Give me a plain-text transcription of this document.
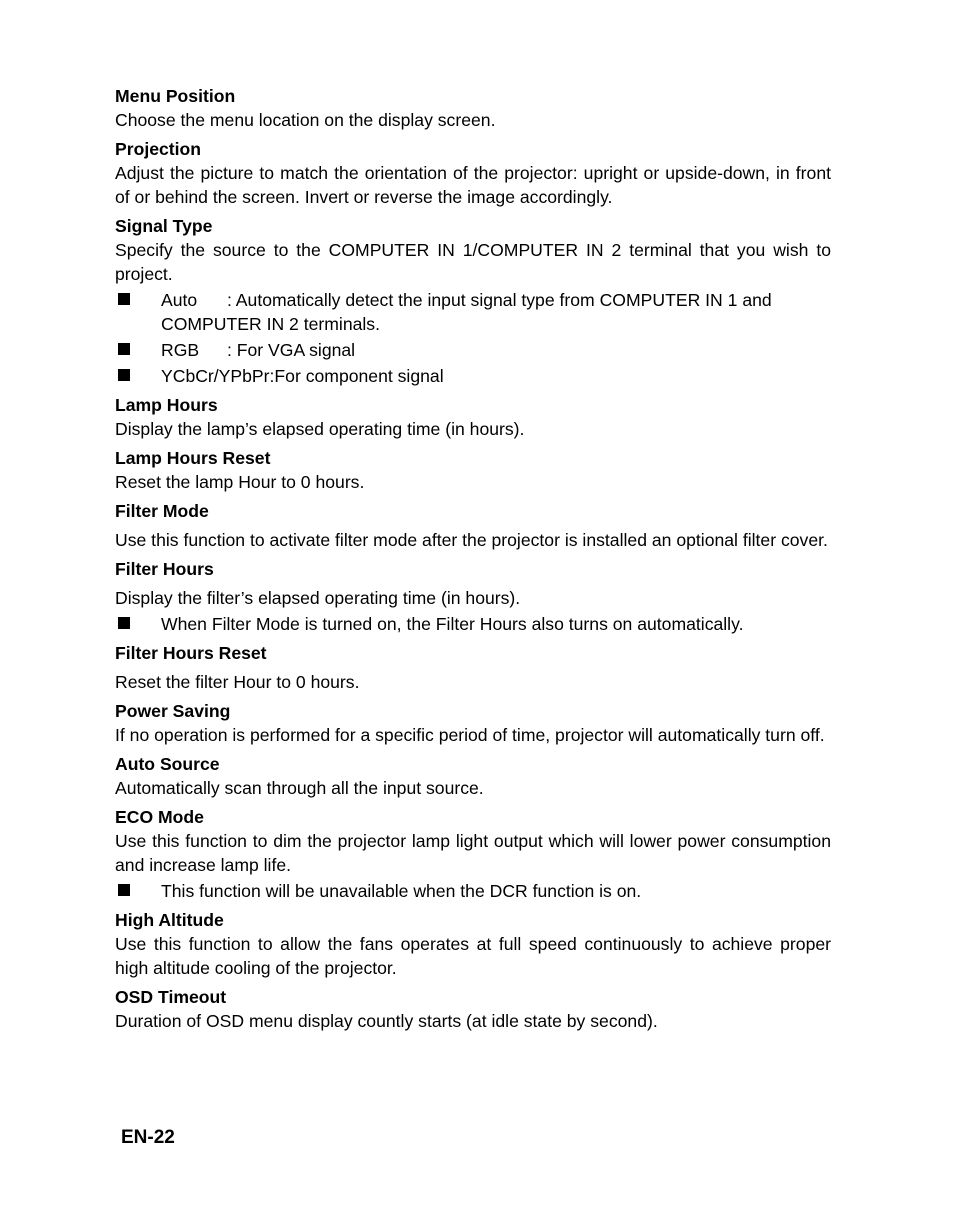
Menu Position
Choose the menu location on the display screen.
Projection
Adjust the picture to match the orientation of the projector: upright or upside-down, in front of or behind the screen. Invert or reverse the image accordingly.
Signal Type
Specify the source to the COMPUTER IN 1/COMPUTER IN 2 terminal that you wish to project.
Auto : Automatically detect the input signal type from COMPUTER IN 1 and COMPUTER IN 2 terminals.
RGB : For VGA signal
YCbCr/YPbPr:For component signal
Lamp Hours
Display the lamp’s elapsed operating time (in hours).
Lamp Hours Reset
Reset the lamp Hour to 0 hours.
Filter Mode
Use this function to activate filter mode after the projector is installed an optional filter cover.
Filter Hours
Display the filter’s elapsed operating time (in hours).
When Filter Mode is turned on, the Filter Hours also turns on automatically.
Filter Hours Reset
Reset the filter Hour to 0 hours.
Power Saving
If no operation is performed for a specific period of time, projector will automatically turn off.
Auto Source
Automatically scan through all the input source.
ECO Mode
Use this function to dim the projector lamp light output which will lower power consumption and increase lamp life.
This function will be unavailable when the DCR function is on.
High Altitude
Use this function to allow the fans operates at full speed continuously to achieve proper high altitude cooling of the projector.
OSD Timeout
Duration of OSD menu display countly starts (at idle state by second).
EN-22
